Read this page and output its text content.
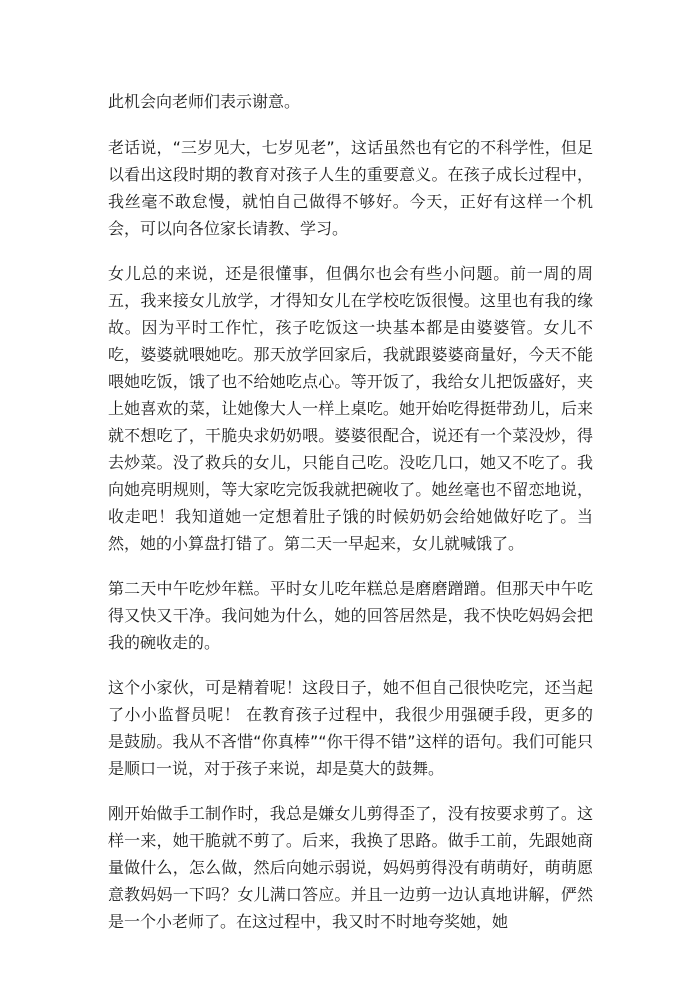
此机会向老师们表示谢意。

老话说，“三岁见大，七岁见老”，这话虽然也有它的不科学性，但足以看出这段时期的教育对孩子人生的重要意义。在孩子成长过程中，我丝毫不敢怠慢，就怕自己做得不够好。今天，正好有这样一个机会，可以向各位家长请教、学习。

女儿总的来说，还是很懂事，但偶尔也会有些小问题。前一周的周五，我来接女儿放学，才得知女儿在学校吃饭很慢。这里也有我的缘故。因为平时工作忙，孩子吃饭这一块基本都是由婆婆管。女儿不吃，婆婆就喂她吃。那天放学回家后，我就跟婆婆商量好，今天不能喂她吃饭，饿了也不给她吃点心。等开饭了，我给女儿把饭盛好，夹上她喜欢的菜，让她像大人一样上桌吃。她开始吃得挺带劲儿，后来就不想吃了，干脆央求奶奶喂。婆婆很配合，说还有一个菜没炒，得去炒菜。没了救兵的女儿，只能自己吃。没吃几口，她又不吃了。我向她亮明规则，等大家吃完饭我就把碗收了。她丝毫也不留恋地说，收走吧！我知道她一定想着肚子饿的时候奶奶会给她做好吃了。当然，她的小算盘打错了。第二天一早起来，女儿就喊饿了。

第二天中午吃炒年糕。平时女儿吃年糕总是磨磨蹭蹭。但那天中午吃得又快又干净。我问她为什么，她的回答居然是，我不快吃妈妈会把我的碗收走的。

这个小家伙，可是精着呢！这段日子，她不但自己很快吃完，还当起了小小监督员呢！ 在教育孩子过程中，我很少用强硬手段，更多的是鼓励。我从不吝惜“你真棒”“你干得不错”这样的语句。我们可能只是顺口一说，对于孩子来说，却是莫大的鼓舞。

刚开始做手工制作时，我总是嫌女儿剪得歪了，没有按要求剪了。这样一来，她干脆就不剪了。后来，我换了思路。做手工前，先跟她商量做什么，怎么做，然后向她示弱说，妈妈剪得没有萌萌好，萌萌愿意教妈妈一下吗？女儿满口答应。并且一边剪一边认真地讲解，俨然是一个小老师了。在这过程中，我又时不时地夸奖她，她
